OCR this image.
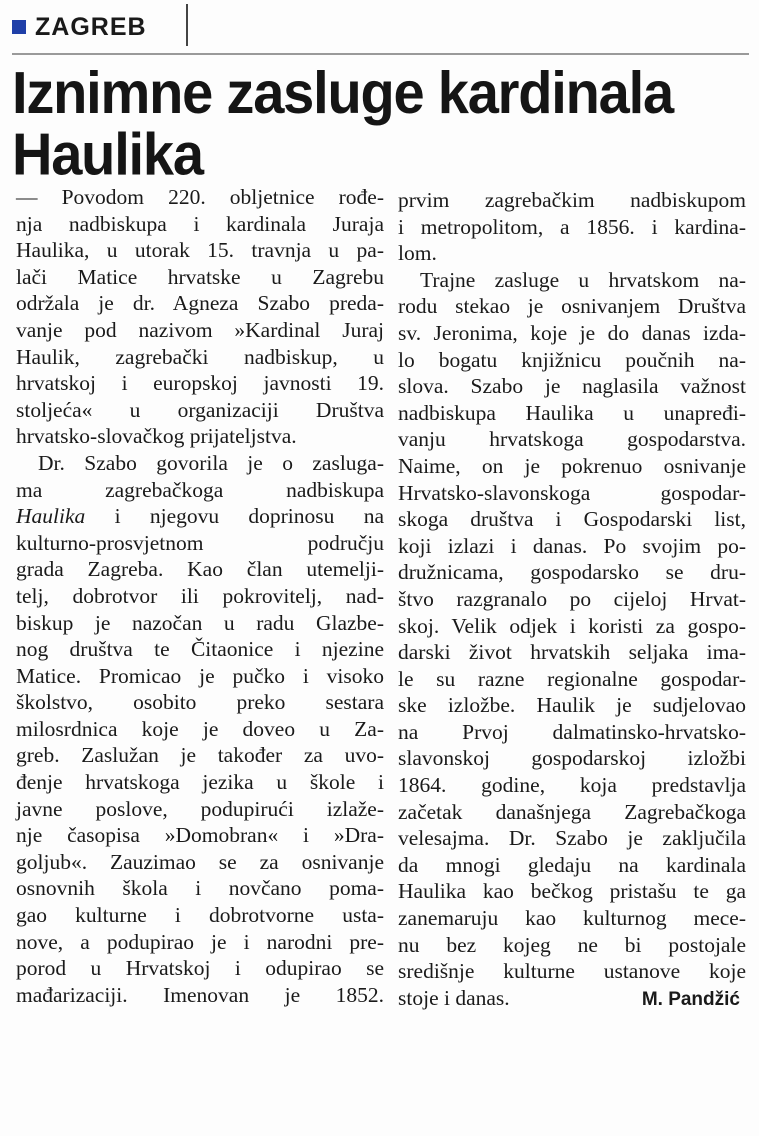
ZAGREB
Iznimne zasluge kardinala Haulika
— Povodom 220. obljetnice rođe-
nja nadbiskupa i kardinala Juraja
Haulika, u utorak 15. travnja u pa-
lači Matice hrvatske u Zagrebu
održala je dr. Agneza Szabo preda-
vanje pod nazivom »Kardinal Juraj
Haulik, zagrebački nadbiskup, u
hrvatskoj i europskoj javnosti 19.
stoljeća« u organizaciji Društva
hrvatsko-slovačkog prijateljstva.
Dr. Szabo govorila je o zasluga-
ma zagrebačkoga nadbiskupa
Haulika i njegovu doprinosu na
kulturno-prosvjetnom području
grada Zagreba. Kao član utemelji-
telj, dobrotvor ili pokrovitelj, nad-
biskup je nazočan u radu Glazbe-
nog društva te Čitaonice i njezine
Matice. Promicao je pučko i visoko
školstvo, osobito preko sestara
milosrdnica koje je doveo u Za-
greb. Zaslužan je također za uvo-
đenje hrvatskoga jezika u škole i
javne poslove, podupirući izlaže-
nje časopisa »Domobran« i »Dra-
goljub«. Zauzimao se za osnivanje
osnovnih škola i novčano poma-
gao kulturne i dobrotvorne usta-
nove, a podupirao je i narodni pre-
porod u Hrvatskoj i odupirao se
mađarizaciji. Imenovan je 1852.
prvim zagrebačkim nadbiskupom
i metropolitom, a 1856. i kardina-
lom.
Trajne zasluge u hrvatskom na-
rodu stekao je osnivanjem Društva
sv. Jeronima, koje je do danas izda-
lo bogatu knjižnicu poučnih na-
slova. Szabo je naglasila važnost
nadbiskupa Haulika u unapređi-
vanju hrvatskoga gospodarstva.
Naime, on je pokrenuo osnivanje
Hrvatsko-slavonskoga gospodar-
skoga društva i Gospodarski list,
koji izlazi i danas. Po svojim po-
družnicama, gospodarsko se dru-
štvo razgranalo po cijeloj Hrvat-
skoj. Velik odjek i koristi za gospo-
darski život hrvatskih seljaka ima-
le su razne regionalne gospodar-
ske izložbe. Haulik je sudjelovao
na Prvoj dalmatinsko-hrvatsko-
slavonskoj gospodarskoj izložbi
1864. godine, koja predstavlja
začetak današnjega Zagrebačkoga
velesajma. Dr. Szabo je zaključila
da mnogi gledaju na kardinala
Haulika kao bečkog pristašu te ga
zanemaruju kao kulturnog mece-
nu bez kojeg ne bi postojale
središnje kulturne ustanove koje
stoje i danas.	M. Pandžić
